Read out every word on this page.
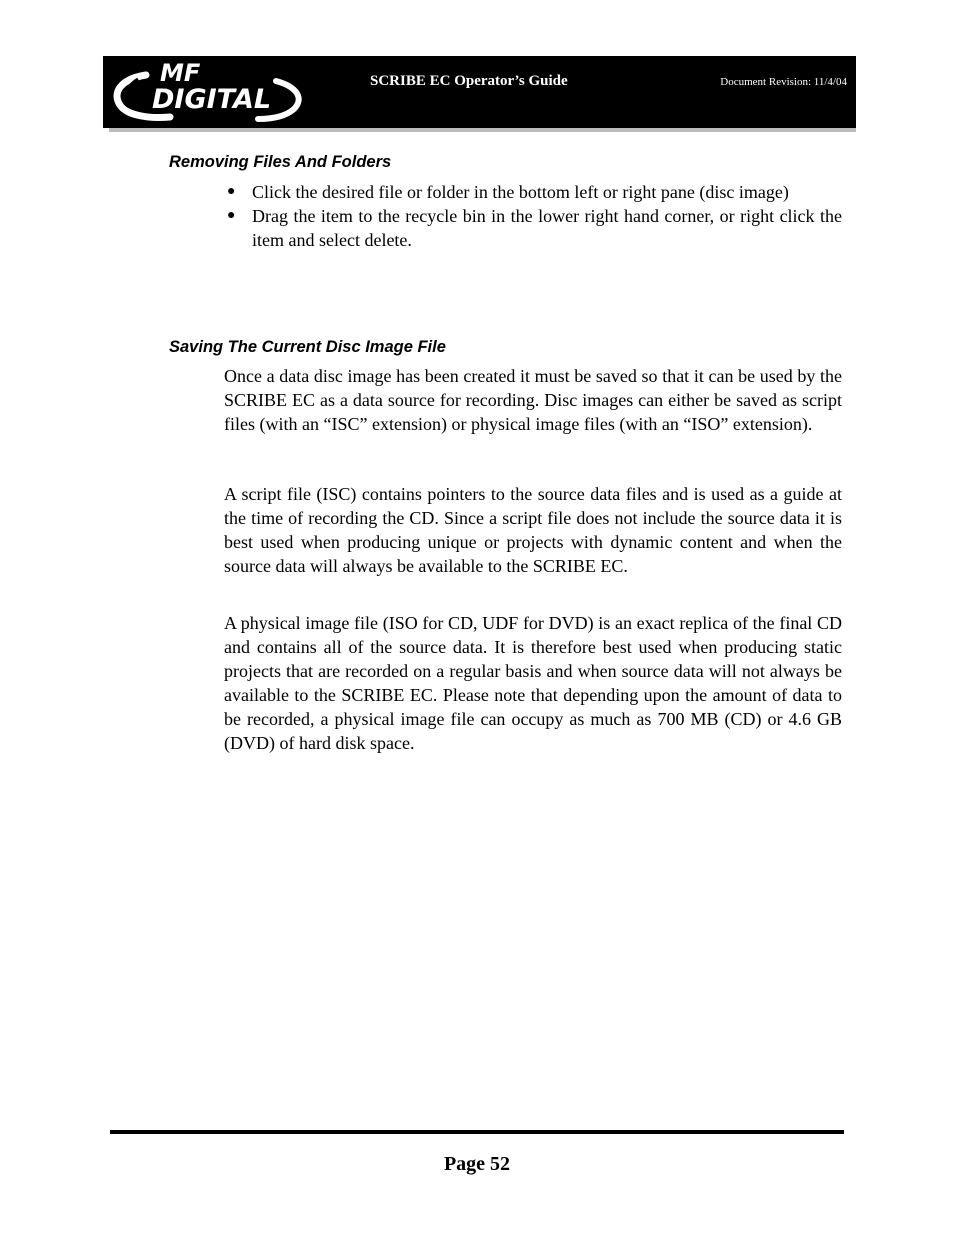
MF
DIGITAL
SCRIBE EC Operator’s Guide	Document Revision: 11/4/04
Removing Files And Folders
● Click the desired file or folder in the bottom left or right pane (disc image)
● Drag the item to the recycle bin in the lower right hand corner, or right click the item and select delete.
Saving The Current Disc Image File

Once a data disc image has been created it must be saved so that it can be used by the SCRIBE EC as a data source for recording. Disc images can either be saved as script files (with an “ISC” extension) or physical image files (with an “ISO” extension).

A script file (ISC) contains pointers to the source data files and is used as a guide at the time of recording the CD. Since a script file does not include the source data it is best used when producing unique or projects with dynamic content and when the source data will always be available to the SCRIBE EC.

A physical image file (ISO for CD, UDF for DVD) is an exact replica of the final CD and contains all of the source data. It is therefore best used when producing static projects that are recorded on a regular basis and when source data will not always be available to the SCRIBE EC. Please note that depending upon the amount of data to be recorded, a physical image file can occupy as much as 700 MB (CD) or 4.6 GB (DVD) of hard disk space.

Page 52
